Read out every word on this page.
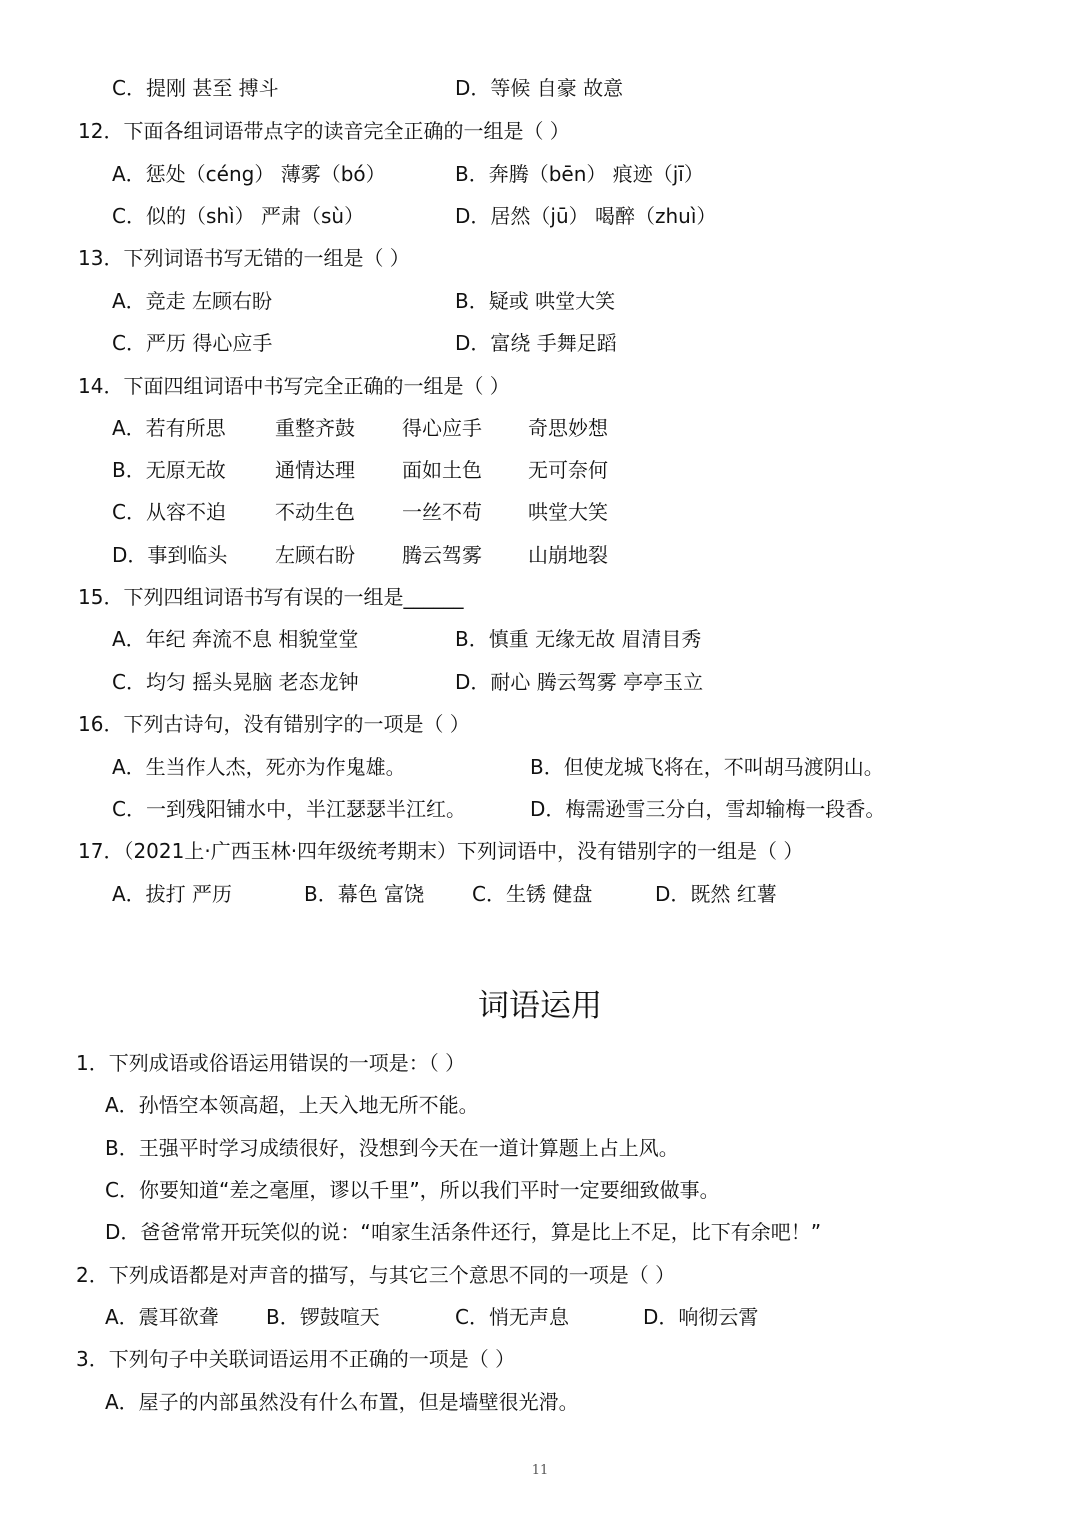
C．提刚 甚至 搏斗	D．等候 自豪 故意
12．下面各组词语带点字的读音完全正确的一组是（ ）
A．惩处（céng） 薄雾（bó）	B．奔腾（bēn） 痕迹（jī）
C．似的（shì） 严肃（sù）	D．居然（jū） 喝醉（zhuì）
13．下列词语书写无错的一组是（ ）
A．竞走 左顾右盼	B．疑或 哄堂大笑
C．严历 得心应手	D．富绕 手舞足蹈
14．下面四组词语中书写完全正确的一组是（ ）
A．若有所思 重整齐鼓 得心应手 奇思妙想
B．无原无故 通情达理 面如土色 无可奈何
C．从容不迫 不动生色 一丝不苟 哄堂大笑
D．事到临头 左顾右盼 腾云驾雾 山崩地裂
15．下列四组词语书写有误的一组是______
A．年纪 奔流不息 相貌堂堂	B．慎重 无缘无故 眉清目秀
C．均匀 摇头晃脑 老态龙钟	D．耐心 腾云驾雾 亭亭玉立
16．下列古诗句，没有错别字的一项是（ ）
A．生当作人杰，死亦为作鬼雄。	B．但使龙城飞将在，不叫胡马渡阴山。
C．一到残阳铺水中，半江瑟瑟半江红。	D．梅需逊雪三分白，雪却输梅一段香。
17．（2021上·广西玉林·四年级统考期末）下列词语中，没有错别字的一组是（ ）
A．拔打 严历	B．幕色 富饶 C．生锈 健盘	D．既然 红薯
1．下列成语或俗语运用错误的一项是：（ ）
A．孙悟空本领高超，上天入地无所不能。
B．王强平时学习成绩很好，没想到今天在一道计算题上占上风。
C．你要知道“差之毫厘，谬以千里”，所以我们平时一定要细致做事。
D．爸爸常常开玩笑似的说：“咱家生活条件还行，算是比上不足，比下有余吧！”
2．下列成语都是对声音的描写，与其它三个意思不同的一项是（ ）
A．震耳欲聋 B．锣鼓喧天	C．悄无声息	D．响彻云霄
3．下列句子中关联词语运用不正确的一项是（ ）
A．屋子的内部虽然没有什么布置，但是墙壁很光滑。
词语运用
11
